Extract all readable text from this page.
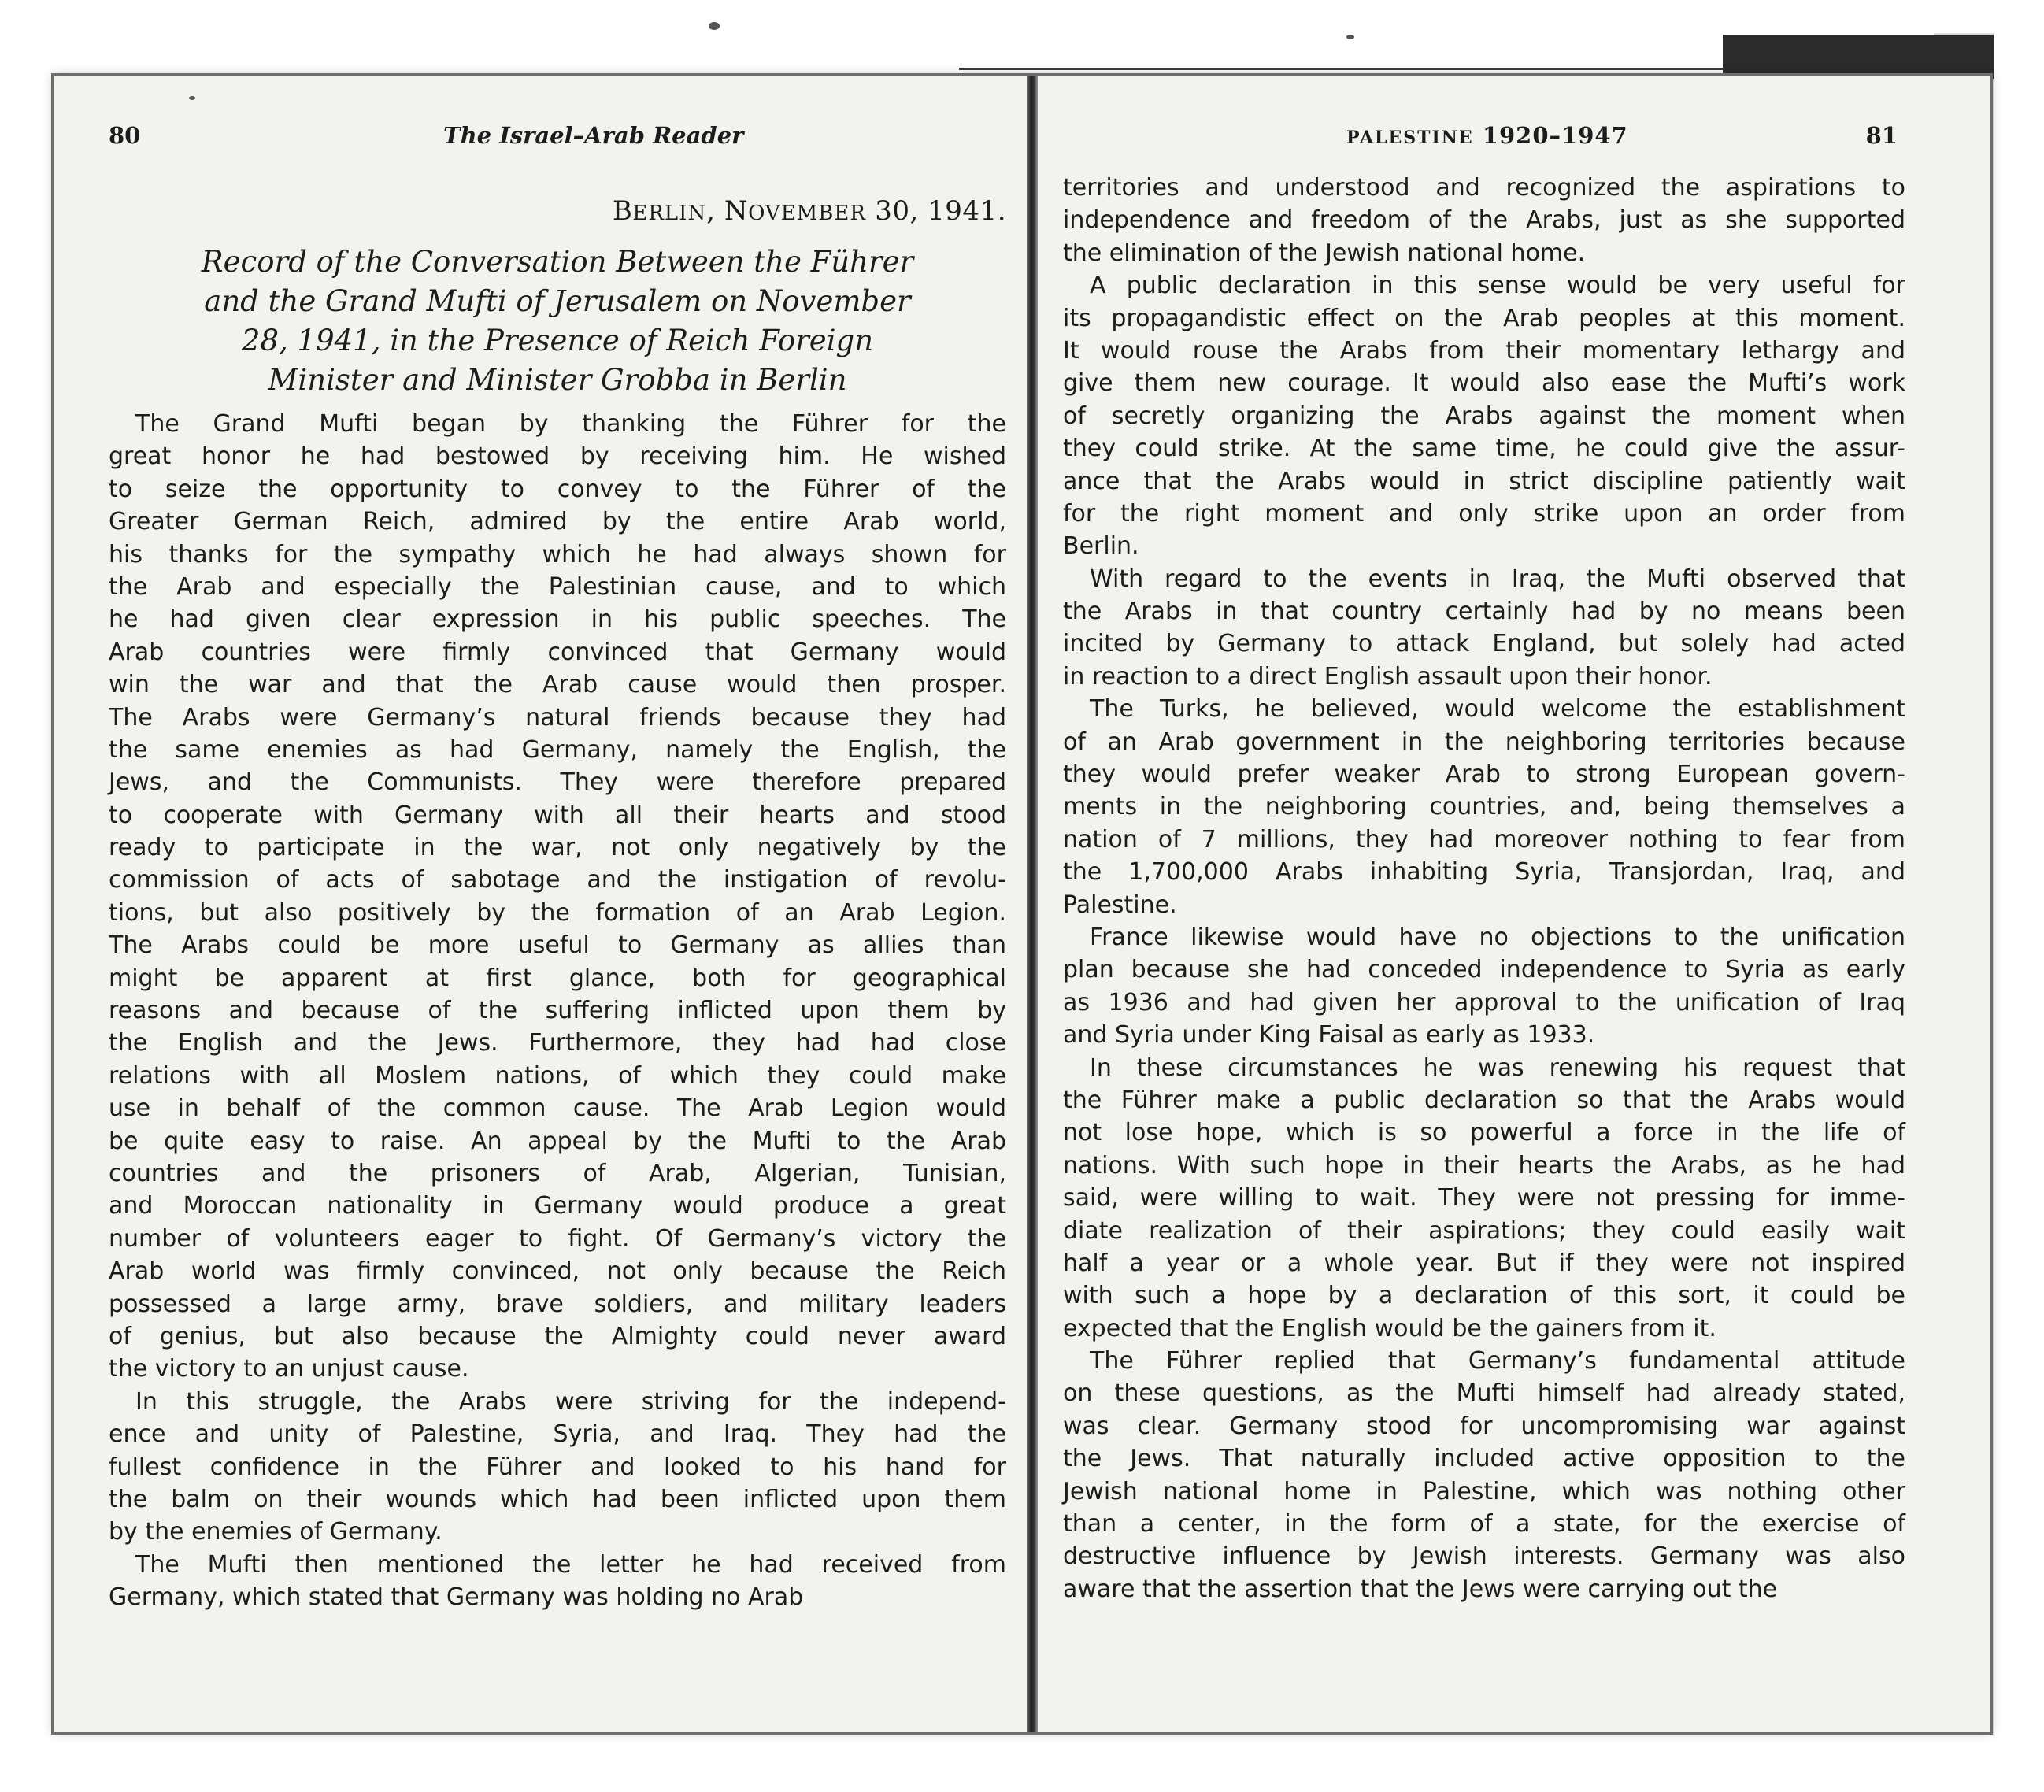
80	The Israel–Arab Reader
BERLIN, NOVEMBER 30, 1941.
Record of the Conversation Between the Führer
and the Grand Mufti of Jerusalem on November
28, 1941, in the Presence of Reich Foreign
Minister and Minister Grobba in Berlin
The Grand Mufti began by thanking the Führer for the
great honor he had bestowed by receiving him. He wished
to seize the opportunity to convey to the Führer of the
Greater German Reich, admired by the entire Arab world,
his thanks for the sympathy which he had always shown for
the Arab and especially the Palestinian cause, and to which
he had given clear expression in his public speeches. The
Arab countries were firmly convinced that Germany would
win the war and that the Arab cause would then prosper.
The Arabs were Germany’s natural friends because they had
the same enemies as had Germany, namely the English, the
Jews, and the Communists. They were therefore prepared
to cooperate with Germany with all their hearts and stood
ready to participate in the war, not only negatively by the
commission of acts of sabotage and the instigation of revolu-
tions, but also positively by the formation of an Arab Legion.
The Arabs could be more useful to Germany as allies than
might be apparent at first glance, both for geographical
reasons and because of the suffering inflicted upon them by
the English and the Jews. Furthermore, they had had close
relations with all Moslem nations, of which they could make
use in behalf of the common cause. The Arab Legion would
be quite easy to raise. An appeal by the Mufti to the Arab
countries and the prisoners of Arab, Algerian, Tunisian,
and Moroccan nationality in Germany would produce a great
number of volunteers eager to fight. Of Germany’s victory the
Arab world was firmly convinced, not only because the Reich
possessed a large army, brave soldiers, and military leaders
of genius, but also because the Almighty could never award
the victory to an unjust cause.
In this struggle, the Arabs were striving for the independ-
ence and unity of Palestine, Syria, and Iraq. They had the
fullest confidence in the Führer and looked to his hand for
the balm on their wounds which had been inflicted upon them
by the enemies of Germany.
The Mufti then mentioned the letter he had received from
Germany, which stated that Germany was holding no Arab
PALESTINE 1920–1947	81
territories and understood and recognized the aspirations to
independence and freedom of the Arabs, just as she supported
the elimination of the Jewish national home.
A public declaration in this sense would be very useful for
its propagandistic effect on the Arab peoples at this moment.
It would rouse the Arabs from their momentary lethargy and
give them new courage. It would also ease the Mufti’s work
of secretly organizing the Arabs against the moment when
they could strike. At the same time, he could give the assur-
ance that the Arabs would in strict discipline patiently wait
for the right moment and only strike upon an order from
Berlin.
With regard to the events in Iraq, the Mufti observed that
the Arabs in that country certainly had by no means been
incited by Germany to attack England, but solely had acted
in reaction to a direct English assault upon their honor.
The Turks, he believed, would welcome the establishment
of an Arab government in the neighboring territories because
they would prefer weaker Arab to strong European govern-
ments in the neighboring countries, and, being themselves a
nation of 7 millions, they had moreover nothing to fear from
the 1,700,000 Arabs inhabiting Syria, Transjordan, Iraq, and
Palestine.
France likewise would have no objections to the unification
plan because she had conceded independence to Syria as early
as 1936 and had given her approval to the unification of Iraq
and Syria under King Faisal as early as 1933.
In these circumstances he was renewing his request that
the Führer make a public declaration so that the Arabs would
not lose hope, which is so powerful a force in the life of
nations. With such hope in their hearts the Arabs, as he had
said, were willing to wait. They were not pressing for imme-
diate realization of their aspirations; they could easily wait
half a year or a whole year. But if they were not inspired
with such a hope by a declaration of this sort, it could be
expected that the English would be the gainers from it.
The Führer replied that Germany’s fundamental attitude
on these questions, as the Mufti himself had already stated,
was clear. Germany stood for uncompromising war against
the Jews. That naturally included active opposition to the
Jewish national home in Palestine, which was nothing other
than a center, in the form of a state, for the exercise of
destructive influence by Jewish interests. Germany was also
aware that the assertion that the Jews were carrying out the
